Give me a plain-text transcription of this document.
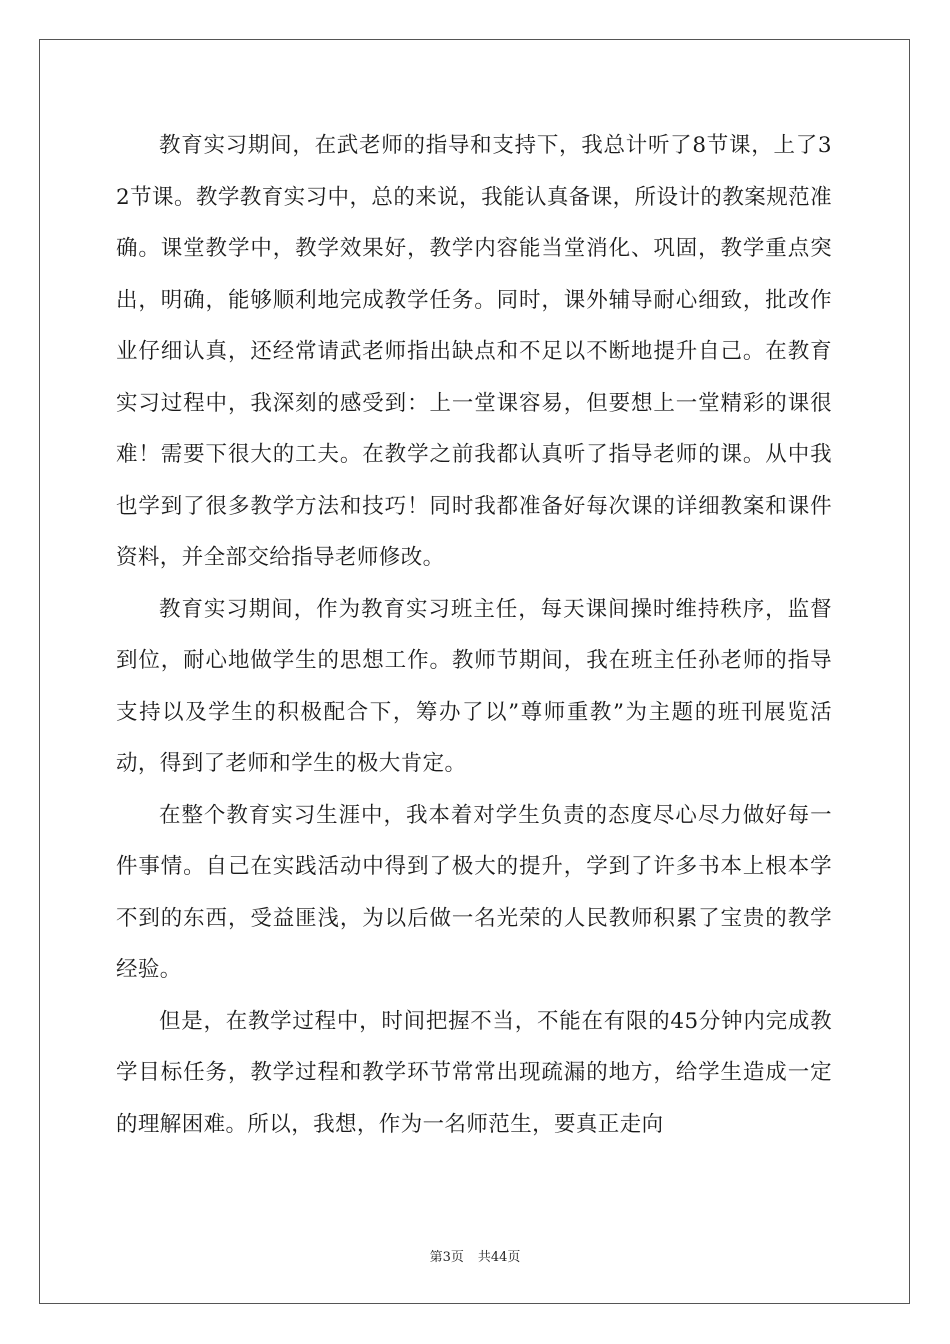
教育实习期间，在武老师的指导和支持下，我总计听了8节课，上了32节课。教学教育实习中，总的来说，我能认真备课，所设计的教案规范准确。课堂教学中，教学效果好，教学内容能当堂消化、巩固，教学重点突出，明确，能够顺利地完成教学任务。同时，课外辅导耐心细致，批改作业仔细认真，还经常请武老师指出缺点和不足以不断地提升自己。在教育实习过程中，我深刻的感受到：上一堂课容易，但要想上一堂精彩的课很难！需要下很大的工夫。在教学之前我都认真听了指导老师的课。从中我也学到了很多教学方法和技巧！同时我都准备好每次课的详细教案和课件资料，并全部交给指导老师修改。

教育实习期间，作为教育实习班主任，每天课间操时维持秩序，监督到位，耐心地做学生的思想工作。教师节期间，我在班主任孙老师的指导支持以及学生的积极配合下，筹办了以”尊师重教”为主题的班刊展览活动，得到了老师和学生的极大肯定。

在整个教育实习生涯中，我本着对学生负责的态度尽心尽力做好每一件事情。自己在实践活动中得到了极大的提升，学到了许多书本上根本学不到的东西，受益匪浅，为以后做一名光荣的人民教师积累了宝贵的教学经验。

但是，在教学过程中，时间把握不当，不能在有限的45分钟内完成教学目标任务，教学过程和教学环节常常出现疏漏的地方，给学生造成一定的理解困难。所以，我想，作为一名师范生，要真正走向

第3页 共44页
